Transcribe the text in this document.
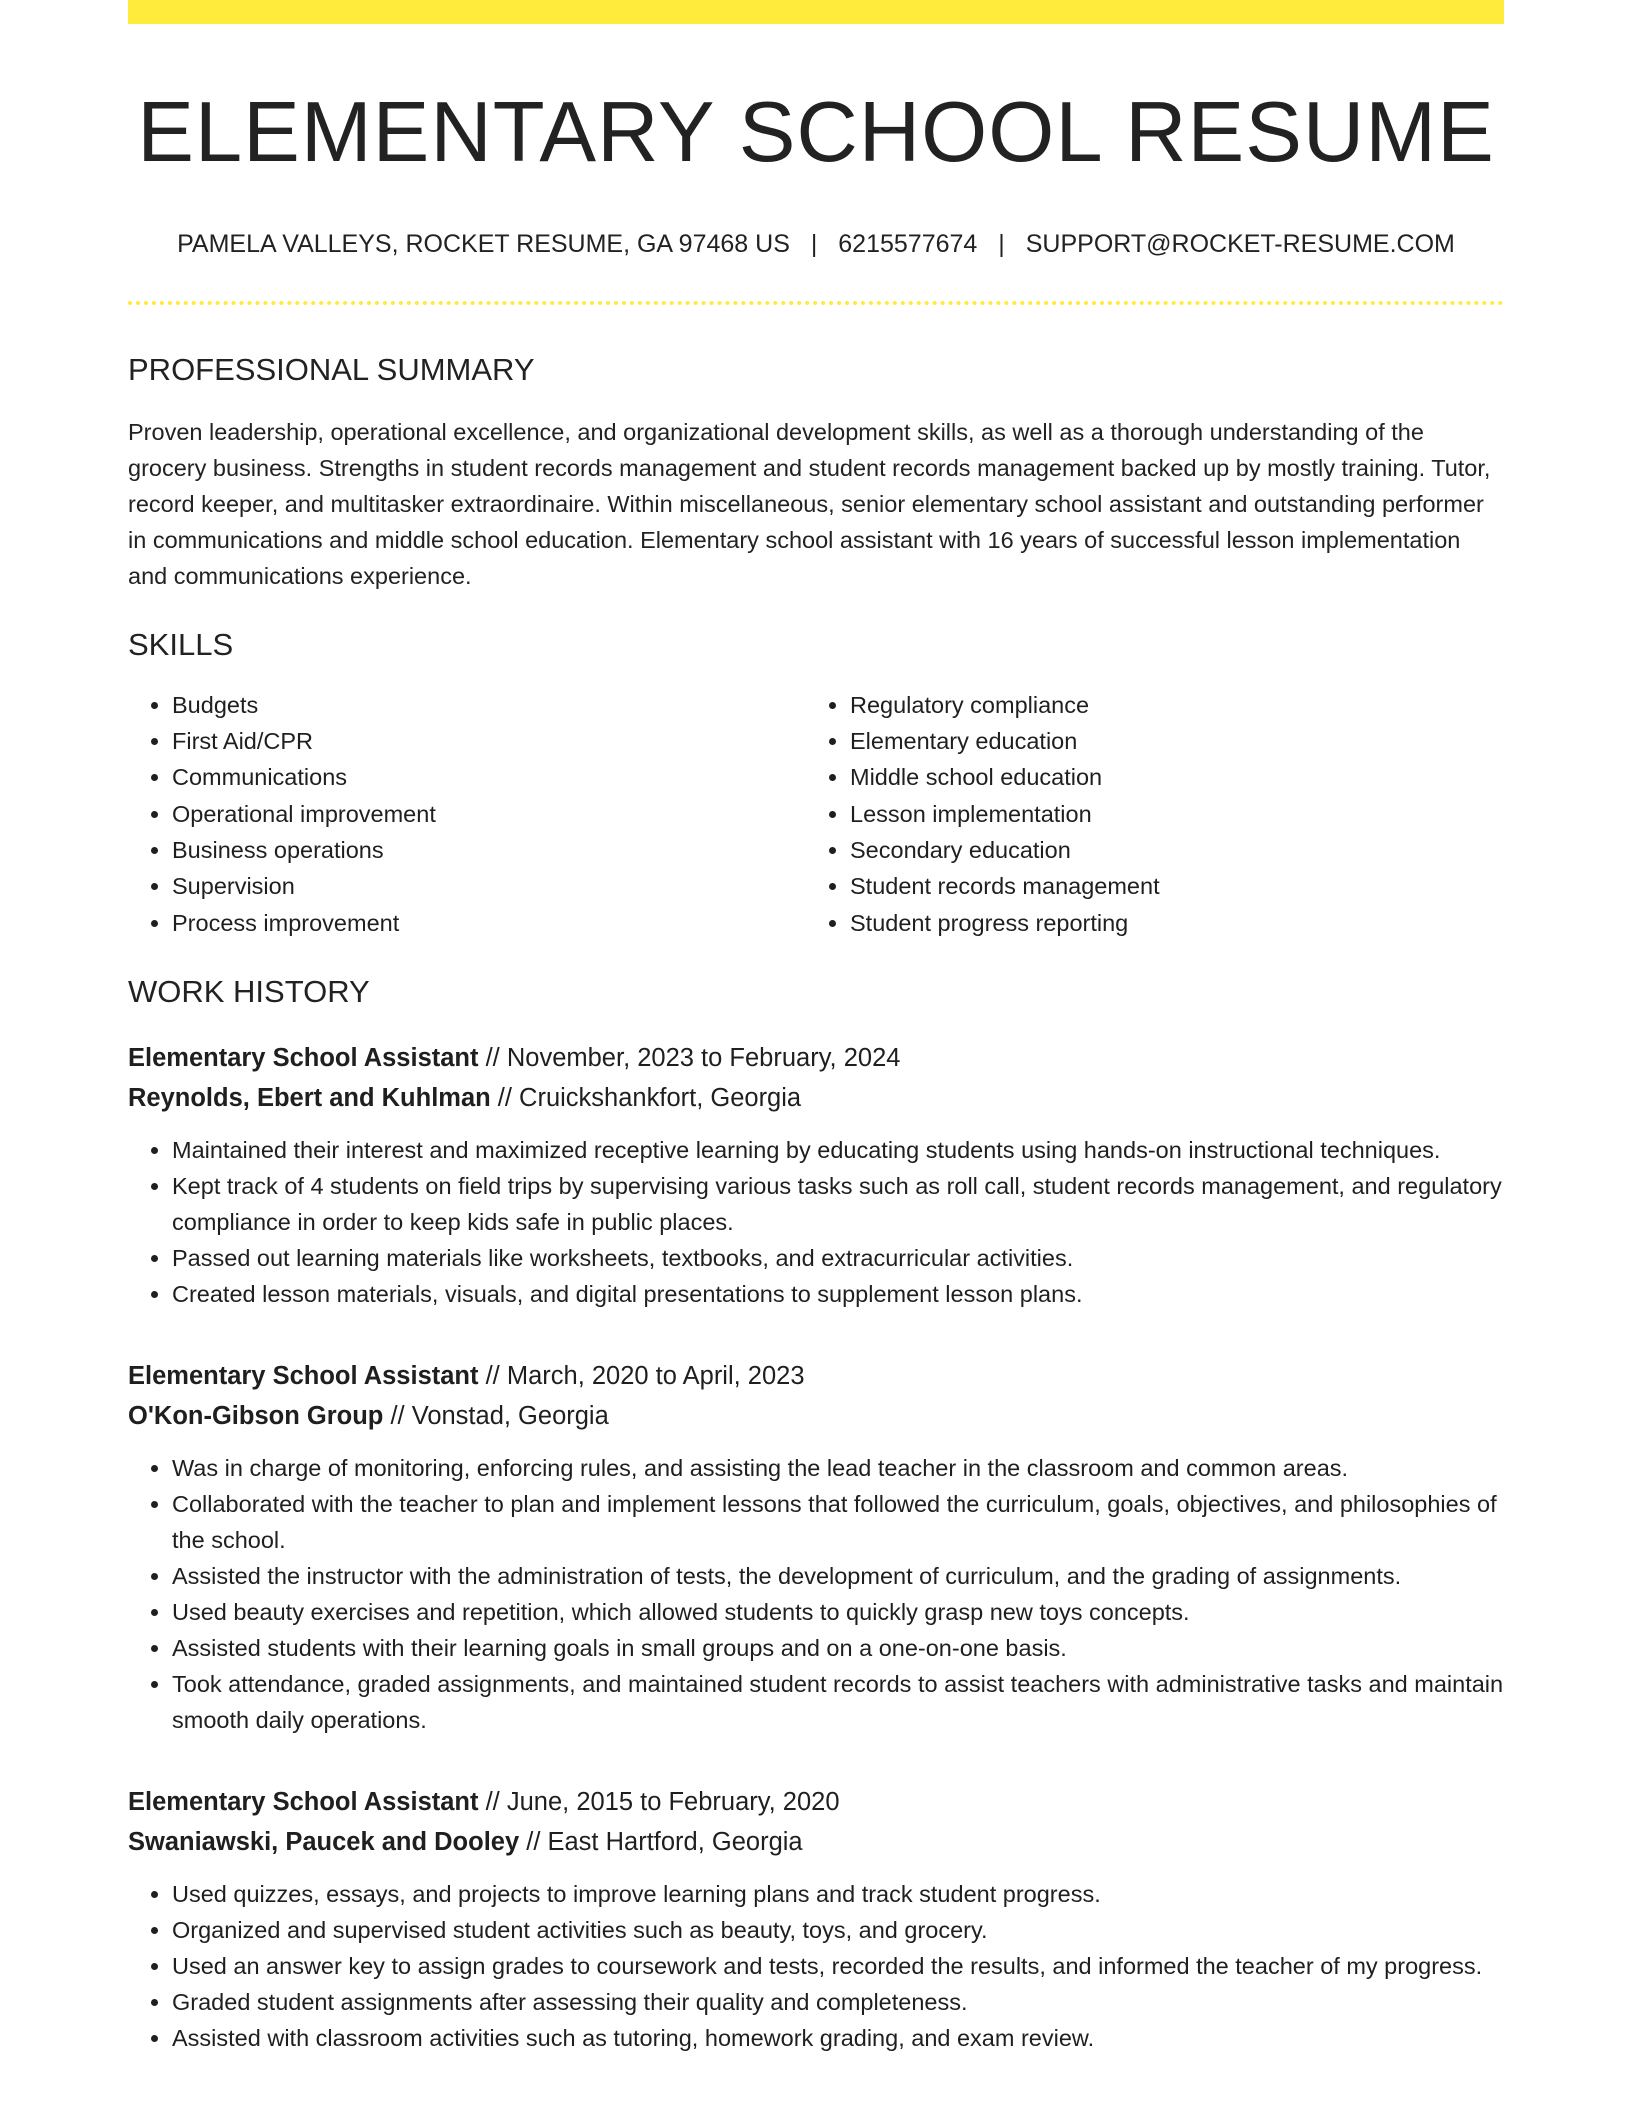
ELEMENTARY SCHOOL RESUME
PAMELA VALLEYS, ROCKET RESUME, GA 97468 US | 6215577674 | SUPPORT@ROCKET-RESUME.COM
PROFESSIONAL SUMMARY

Proven leadership, operational excellence, and organizational development skills, as well as a thorough understanding of the grocery business. Strengths in student records management and student records management backed up by mostly training. Tutor, record keeper, and multitasker extraordinaire. Within miscellaneous, senior elementary school assistant and outstanding performer in communications and middle school education. Elementary school assistant with 16 years of successful lesson implementation and communications experience.

SKILLS
• Budgets
• First Aid/CPR
• Communications
• Operational improvement
• Business operations
• Supervision
• Process improvement
• Regulatory compliance
• Elementary education
• Middle school education
• Lesson implementation
• Secondary education
• Student records management
• Student progress reporting
WORK HISTORY
Elementary School Assistant // November, 2023 to February, 2024
Reynolds, Ebert and Kuhlman // Cruickshankfort, Georgia
• Maintained their interest and maximized receptive learning by educating students using hands-on instructional techniques.
• Kept track of 4 students on field trips by supervising various tasks such as roll call, student records management, and regulatory compliance in order to keep kids safe in public places.
• Passed out learning materials like worksheets, textbooks, and extracurricular activities.
• Created lesson materials, visuals, and digital presentations to supplement lesson plans.
Elementary School Assistant // March, 2020 to April, 2023
O'Kon-Gibson Group // Vonstad, Georgia
• Was in charge of monitoring, enforcing rules, and assisting the lead teacher in the classroom and common areas.
• Collaborated with the teacher to plan and implement lessons that followed the curriculum, goals, objectives, and philosophies of the school.
• Assisted the instructor with the administration of tests, the development of curriculum, and the grading of assignments.
• Used beauty exercises and repetition, which allowed students to quickly grasp new toys concepts.
• Assisted students with their learning goals in small groups and on a one-on-one basis.
• Took attendance, graded assignments, and maintained student records to assist teachers with administrative tasks and maintain smooth daily operations.
Elementary School Assistant // June, 2015 to February, 2020
Swaniawski, Paucek and Dooley // East Hartford, Georgia
• Used quizzes, essays, and projects to improve learning plans and track student progress.
• Organized and supervised student activities such as beauty, toys, and grocery.
• Used an answer key to assign grades to coursework and tests, recorded the results, and informed the teacher of my progress.
• Graded student assignments after assessing their quality and completeness.
• Assisted with classroom activities such as tutoring, homework grading, and exam review.
